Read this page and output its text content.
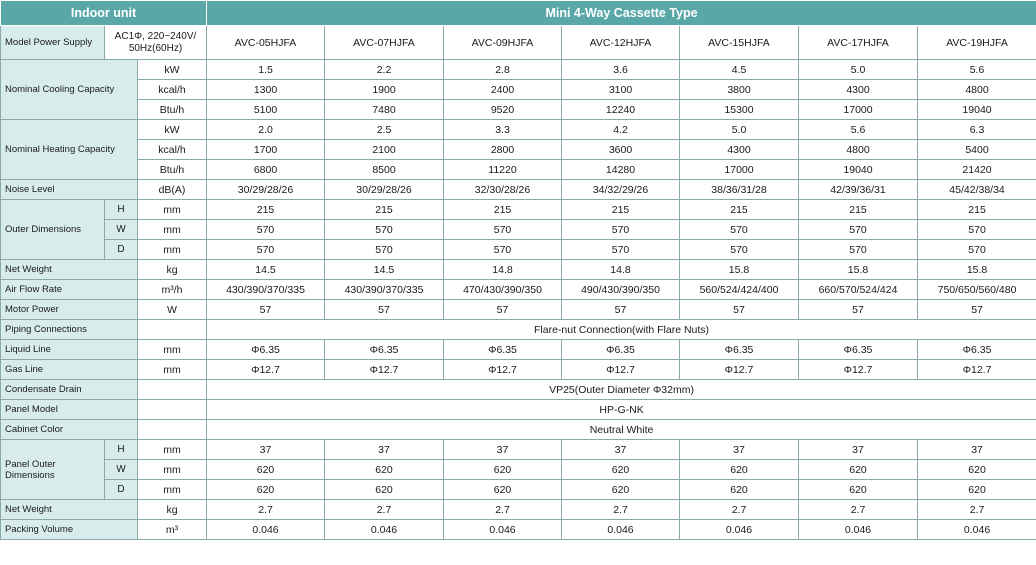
Indoor unit			Mini 4-Way Cassette Type						
Model Power Supply	AC1Φ, 220~240V/ 50Hz(60Hz)		AVC-05HJFA	AVC-07HJFA	AVC-09HJFA	AVC-12HJFA	AVC-15HJFA	AVC-17HJFA	AVC-19HJFA
Nominal Cooling Capacity		kW	1.5	2.2	2.8	3.6	4.5	5.0	5.6
		kcal/h	1300	1900	2400	3100	3800	4300	4800
		Btu/h	5100	7480	9520	12240	15300	17000	19040
Nominal Heating Capacity		kW	2.0	2.5	3.3	4.2	5.0	5.6	6.3
		kcal/h	1700	2100	2800	3600	4300	4800	5400
		Btu/h	6800	8500	11220	14280	17000	19040	21420
Noise Level		dB(A)	30/29/28/26	30/29/28/26	32/30/28/26	34/32/29/26	38/36/31/28	42/39/36/31	45/42/38/34
Outer Dimensions	H	mm	215	215	215	215	215	215	215
	W	mm	570	570	570	570	570	570	570
	D	mm	570	570	570	570	570	570	570
Net Weight		kg	14.5	14.5	14.8	14.8	15.8	15.8	15.8
Air Flow Rate		m³/h	430/390/370/335	430/390/370/335	470/430/390/350	490/430/390/350	560/524/424/400	660/570/524/424	750/650/560/480
Motor Power		W	57	57	57	57	57	57	57
Piping Connections			Flare-nut Connection(with Flare Nuts)						
Liquid Line		mm	Φ6.35	Φ6.35	Φ6.35	Φ6.35	Φ6.35	Φ6.35	Φ6.35
Gas Line		mm	Φ12.7	Φ12.7	Φ12.7	Φ12.7	Φ12.7	Φ12.7	Φ12.7
Condensate Drain			VP25(Outer Diameter Φ32mm)						
Panel Model			HP-G-NK						
Cabinet Color			Neutral White						
Panel Outer Dimensions	H	mm	37	37	37	37	37	37	37
	W	mm	620	620	620	620	620	620	620
	D	mm	620	620	620	620	620	620	620
Net Weight		kg	2.7	2.7	2.7	2.7	2.7	2.7	2.7
Packing Volume		m³	0.046	0.046	0.046	0.046	0.046	0.046	0.046
